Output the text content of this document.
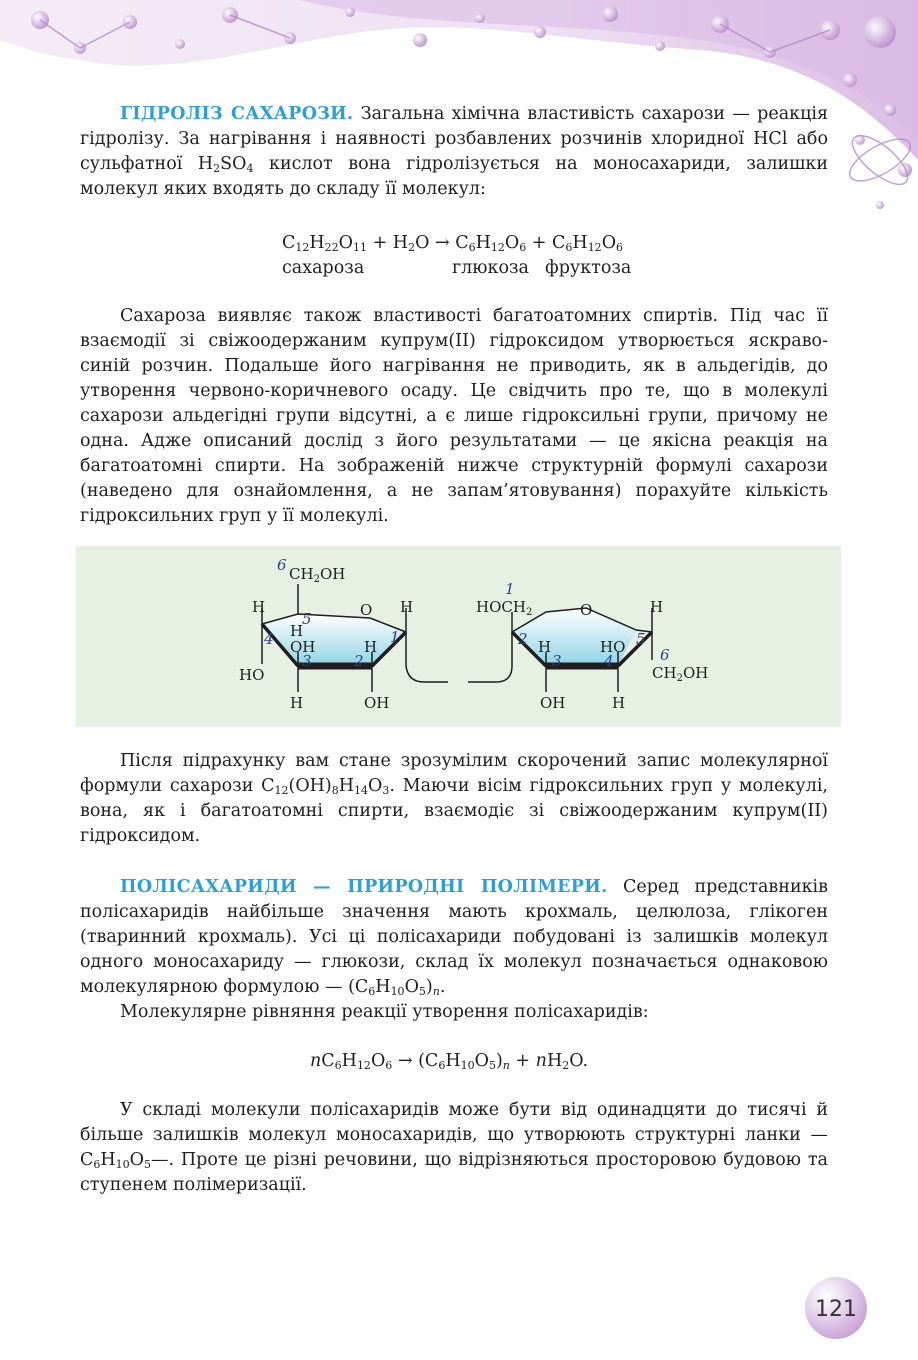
ГІДРОЛІЗ САХАРОЗИ. Загальна хімічна властивість сахарози — реакція гідролізу. За нагрівання і наявності розбавлених розчинів хлоридної HCl або сульфатної $H_2SO_4$ кислот вона гідролізується на моносахариди, залишки молекул яких входять до складу її молекул:

$C_{12}H_{22}O_{11} + H_2O \to C_6H_{12}O_6 + C_6H_{12}O_6$
сахароза	глюкоза фруктоза

Сахароза виявляє також властивості багатоатомних спиртів. Під час її взаємодії зі свіжоодержаним купрум(ІІ) гідроксидом утворюється яскраво-синій розчин. Подальше його нагрівання не приводить, як в альдегідів, до утворення червоно-коричневого осаду. Це свідчить про те, що в молекулі сахарози альдегідні групи відсутні, а є лише гідроксильні групи, причому не одна. Адже описаний дослід з його результатами — це якісна реакція на багатоатомні спирти. На зображеній нижче структурній формулі сахарози (наведено для ознайомлення, а не запам’ятовування) порахуйте кількість гідроксильних груп у її молекулі.

6 $CH_2OH$
H
5	O H
4 H
OH	H
1
3	2
HO
H	OH
1
$HOCH_2$	O	H
2 H	HO 5
3	4	6
$CH_2OH$
OH	H

Після підрахунку вам стане зрозумілим скорочений запис молекулярної формули сахарози $C_{12}(OH)_8H_{14}O_3$. Маючи вісім гідроксильних груп у молекулі, вона, як і багатоатомні спирти, взаємодіє зі свіжоодержаним купрум(ІІ) гідроксидом.

ПОЛІСАХАРИДИ — ПРИРОДНІ ПОЛІМЕРИ. Серед представників полісахаридів найбільше значення мають крохмаль, целюлоза, глікоген (тваринний крохмаль). Усі ці полісахариди побудовані із залишків молекул одного моносахариду — глюкози, склад їх молекул позначається однаковою молекулярною формулою — $(C_6H_{10}O_5)_n$.

Молекулярне рівняння реакції утворення полісахаридів:

$nC_6H_{12}O_6 \to (C_6H_{10}O_5)_n + nH_2O$.

У складі молекули полісахаридів може бути від одинадцяти до тисячі й більше залишків молекул моносахаридів, що утворюють структурні ланки $—C_6H_{10}O_5—$. Проте це різні речовини, що відрізняються просторовою будовою та ступенем полімеризації.

121
